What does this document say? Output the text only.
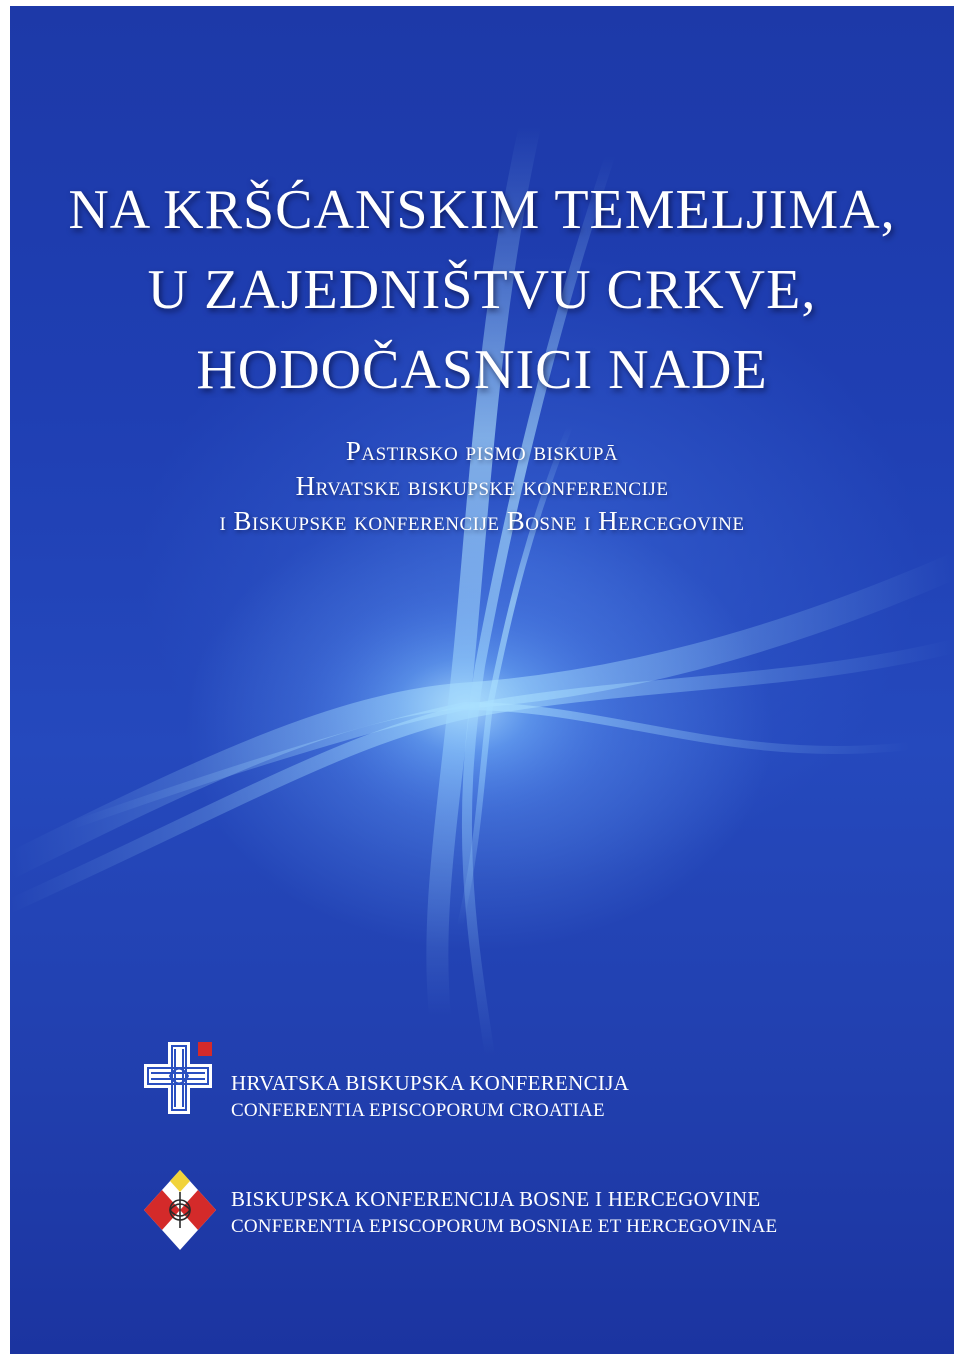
NA KRŠĆANSKIM TEMELJIMA,
U ZAJEDNIŠTVU CRKVE,
HODOČASNICI NADE
Pastirsko pismo biskupā
Hrvatske biskupske konferencije
i Biskupske konferencije Bosne i Hercegovine
HRVATSKA BISKUPSKA KONFERENCIJA
CONFERENTIA EPISCOPORUM CROATIAE
BISKUPSKA KONFERENCIJA BOSNE I HERCEGOVINE
CONFERENTIA EPISCOPORUM BOSNIAE ET HERCEGOVINAE
